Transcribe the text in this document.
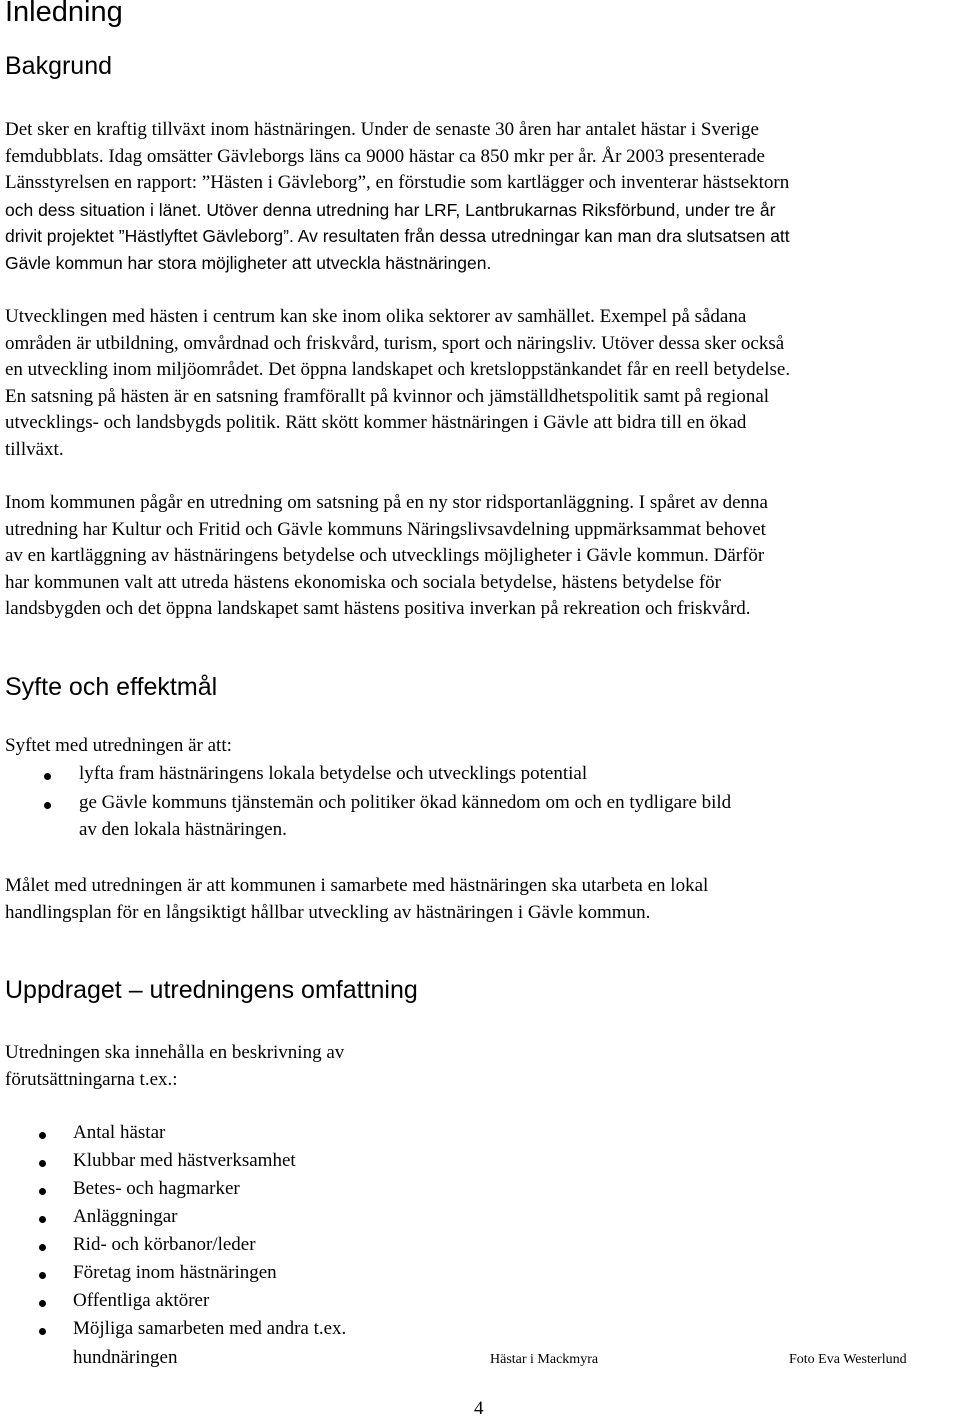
Inledning
Bakgrund
Det sker en kraftig tillväxt inom hästnäringen. Under de senaste 30 åren har antalet hästar i Sverige
femdubblats. Idag omsätter Gävleborgs läns ca 9000 hästar ca 850 mkr per år. År 2003 presenterade
Länsstyrelsen en rapport: ”Hästen i Gävleborg”, en förstudie som kartlägger och inventerar hästsektorn
och dess situation i länet. Utöver denna utredning har LRF, Lantbrukarnas Riksförbund, under tre år
drivit projektet ”Hästlyftet Gävleborg”. Av resultaten från dessa utredningar kan man dra slutsatsen att
Gävle kommun har stora möjligheter att utveckla hästnäringen.
Utvecklingen med hästen i centrum kan ske inom olika sektorer av samhället. Exempel på sådana
områden är utbildning, omvårdnad och friskvård, turism, sport och näringsliv. Utöver dessa sker också
en utveckling inom miljöområdet. Det öppna landskapet och kretsloppstänkandet får en reell betydelse.
En satsning på hästen är en satsning framförallt på kvinnor och jämställdhetspolitik samt på regional
utvecklings- och landsbygds politik. Rätt skött kommer hästnäringen i Gävle att bidra till en ökad
tillväxt.
Inom kommunen pågår en utredning om satsning på en ny stor ridsportanläggning. I spåret av denna
utredning har Kultur och Fritid och Gävle kommuns Näringslivsavdelning uppmärksammat behovet
av en kartläggning av hästnäringens betydelse och utvecklings möjligheter i Gävle kommun. Därför
har kommunen valt att utreda hästens ekonomiska och sociala betydelse, hästens betydelse för
landsbygden och det öppna landskapet samt hästens positiva inverkan på rekreation och friskvård.
Syfte och effektmål
Syftet med utredningen är att:
lyfta fram hästnäringens lokala betydelse och utvecklings potential
ge Gävle kommuns tjänstemän och politiker ökad kännedom om och en tydligare bild
av den lokala hästnäringen.
Målet med utredningen är att kommunen i samarbete med hästnäringen ska utarbeta en lokal
handlingsplan för en långsiktigt hållbar utveckling av hästnäringen i Gävle kommun.
Uppdraget – utredningens omfattning
Utredningen ska innehålla en beskrivning av
förutsättningarna t.ex.:
Antal hästar
Klubbar med hästverksamhet
Betes- och hagmarker
Anläggningar
Rid- och körbanor/leder
Företag inom hästnäringen
Offentliga aktörer
Möjliga samarbeten med andra t.ex.
hundnäringen	Hästar i Mackmyra	Foto Eva Westerlund
4
